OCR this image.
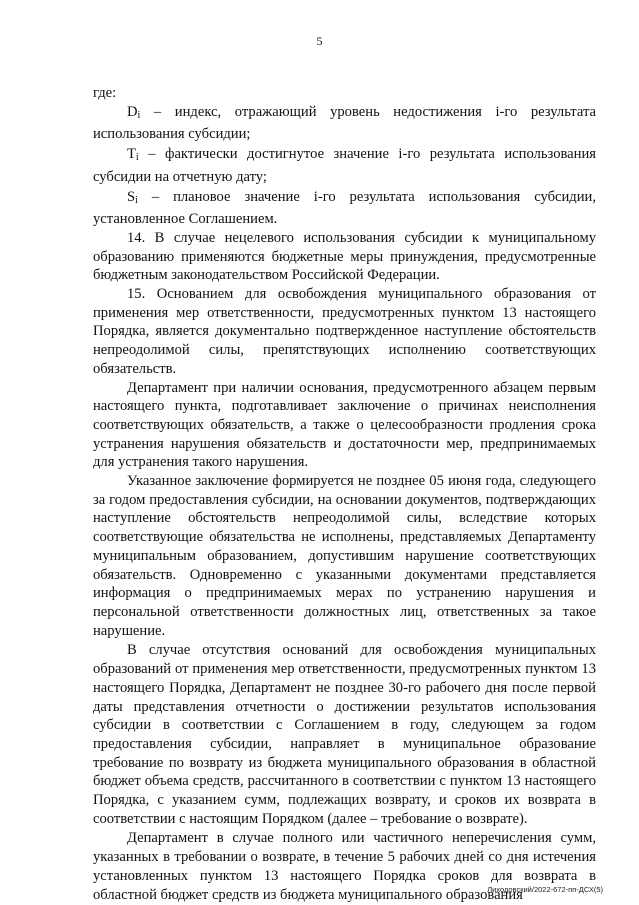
5

где:

$D_i$ – индекс, отражающий уровень недостижения i-го результата использования субсидии;

$T_i$ – фактически достигнутое значение i-го результата использования субсидии на отчетную дату;

$S_i$ – плановое значение i-го результата использования субсидии, установленное Соглашением.

14. В случае нецелевого использования субсидии к муниципальному образованию применяются бюджетные меры принуждения, предусмотренные бюджетным законодательством Российской Федерации.

15. Основанием для освобождения муниципального образования от применения мер ответственности, предусмотренных пунктом 13 настоящего Порядка, является документально подтвержденное наступление обстоятельств непреодолимой силы, препятствующих исполнению соответствующих обязательств.

Департамент при наличии основания, предусмотренного абзацем первым настоящего пункта, подготавливает заключение о причинах неисполнения соответствующих обязательств, а также о целесообразности продления срока устранения нарушения обязательств и достаточности мер, предпринимаемых для устранения такого нарушения.

Указанное заключение формируется не позднее 05 июня года, следующего за годом предоставления субсидии, на основании документов, подтверждающих наступление обстоятельств непреодолимой силы, вследствие которых соответствующие обязательства не исполнены, представляемых Департаменту муниципальным образованием, допустившим нарушение соответствующих обязательств. Одновременно с указанными документами представляется информация о предпринимаемых мерах по устранению нарушения и персональной ответственности должностных лиц, ответственных за такое нарушение.

В случае отсутствия оснований для освобождения муниципальных образований от применения мер ответственности, предусмотренных пунктом 13 настоящего Порядка, Департамент не позднее 30-го рабочего дня после первой даты представления отчетности о достижении результатов использования субсидии в соответствии с Соглашением в году, следующем за годом предоставления субсидии, направляет в муниципальное образование требование по возврату из бюджета муниципального образования в областной бюджет объема средств, рассчитанного в соответствии с пунктом 13 настоящего Порядка, с указанием сумм, подлежащих возврату, и сроков их возврата в соответствии с настоящим Порядком (далее – требование о возврате).

Департамент в случае полного или частичного неперечисления сумм, указанных в требовании о возврате, в течение 5 рабочих дней со дня истечения установленных пунктом 13 настоящего Порядка сроков для возврата в областной бюджет средств из бюджета муниципального образования

Лиходовский/2022-672-пп-ДСХ(5)
